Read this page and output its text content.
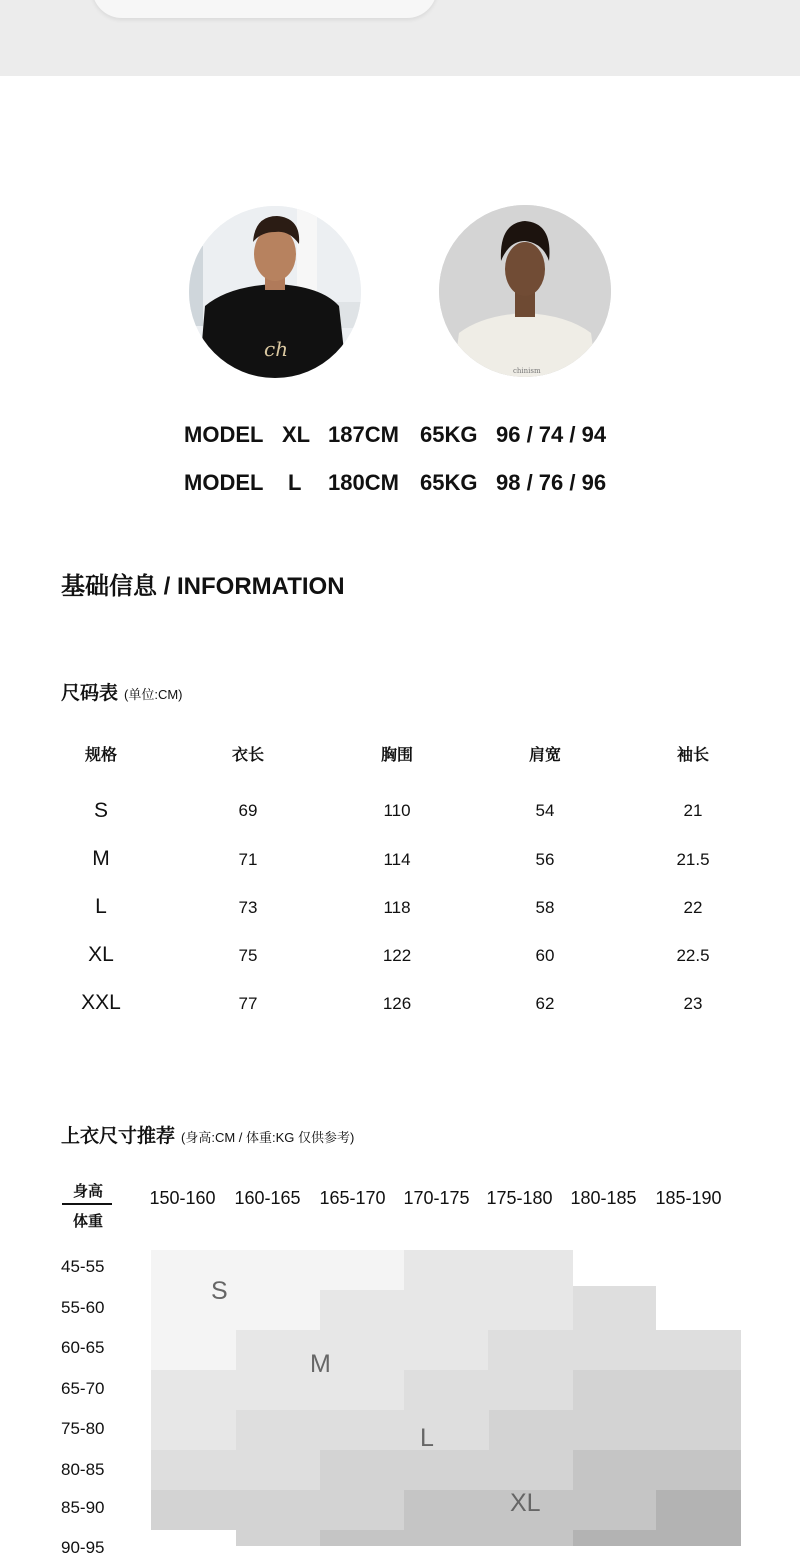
ch
chinism
MODEL XL 187CM 65KG 96 / 74 / 94
MODEL L 180CM 65KG 98 / 76 / 96
基础信息 / INFORMATION
尺码表 (单位:CM)
规格	衣长	胸围	肩宽	袖长
S	69	110	54	21
M	71	114	56	21.5
L	73	118	58	22
XL	75	122	60	22.5
XXL	77	126	62	23
上衣尺寸推荐 (身高:CM / 体重:KG 仅供参考)
身高
体重
150-160	160-165	165-170 170-175 175-180 180-185	185-190
45-55
55-60
60-65
65-70
75-80
80-85
85-90
90-95
S
M
L
XL
